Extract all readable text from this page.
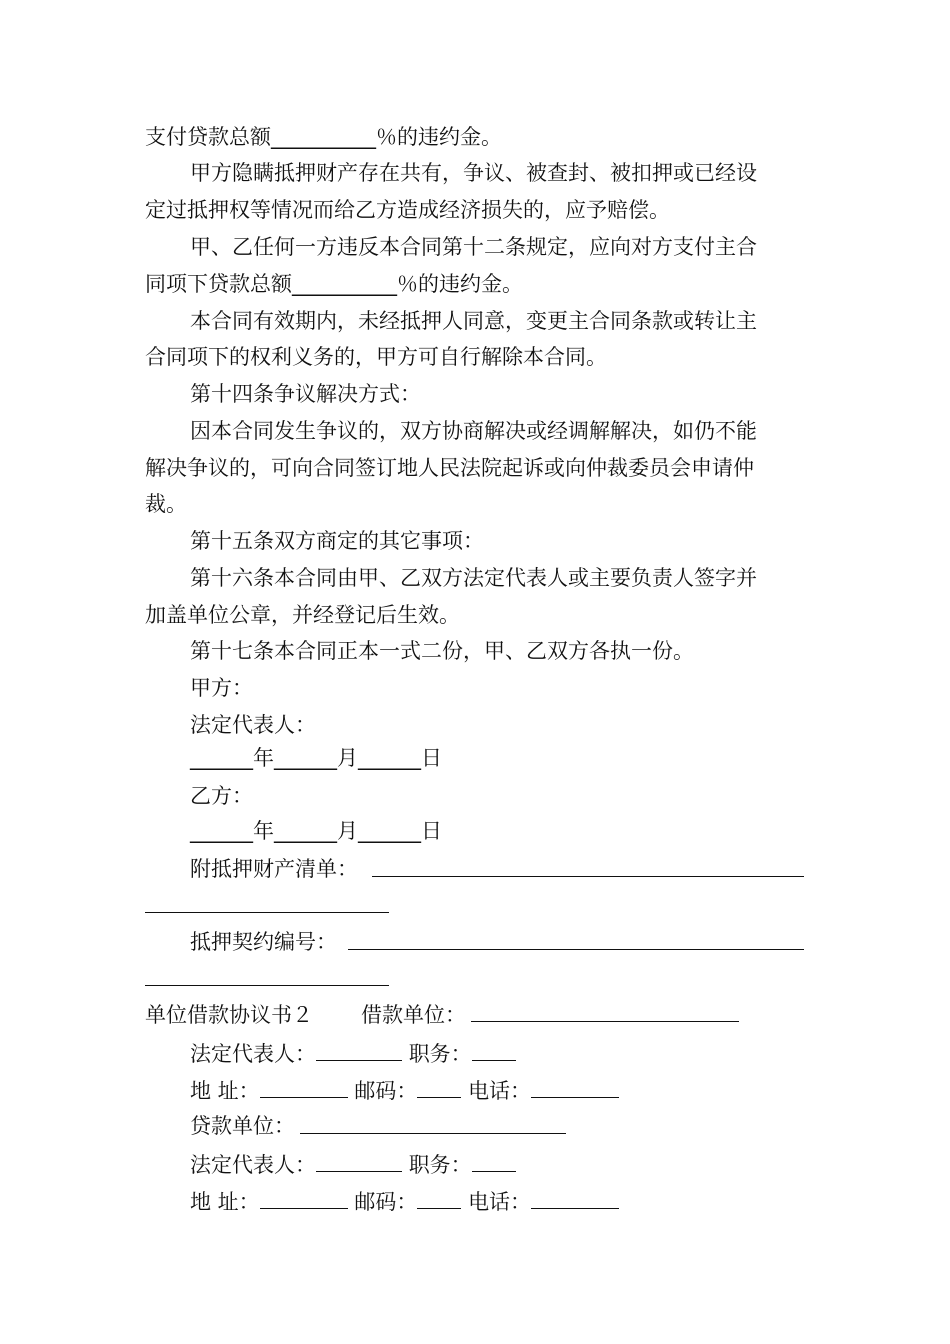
支付贷款总额__________％的违约金。
甲方隐瞒抵押财产存在共有，争议、被查封、被扣押或已经设
定过抵押权等情况而给乙方造成经济损失的，应予赔偿。
甲、乙任何一方违反本合同第十二条规定，应向对方支付主合
同项下贷款总额__________％的违约金。
本合同有效期内，未经抵押人同意，变更主合同条款或转让主
合同项下的权利义务的，甲方可自行解除本合同。
第十四条争议解决方式：
因本合同发生争议的，双方协商解决或经调解解决，如仍不能
解决争议的，可向合同签订地人民法院起诉或向仲裁委员会申请仲
裁。
第十五条双方商定的其它事项：
第十六条本合同由甲、乙双方法定代表人或主要负责人签字并
加盖单位公章，并经登记后生效。
第十七条本合同正本一式二份，甲、乙双方各执一份。
甲方：
法定代表人：
______年______月______日
乙方：
______年______月______日
附抵押财产清单：
抵押契约编号：
单位借款协议书２ 借款单位：
法定代表人：	职务：
地 址：	邮码： 电话：
贷款单位：
法定代表人：	职务：
地 址：	邮码： 电话：
